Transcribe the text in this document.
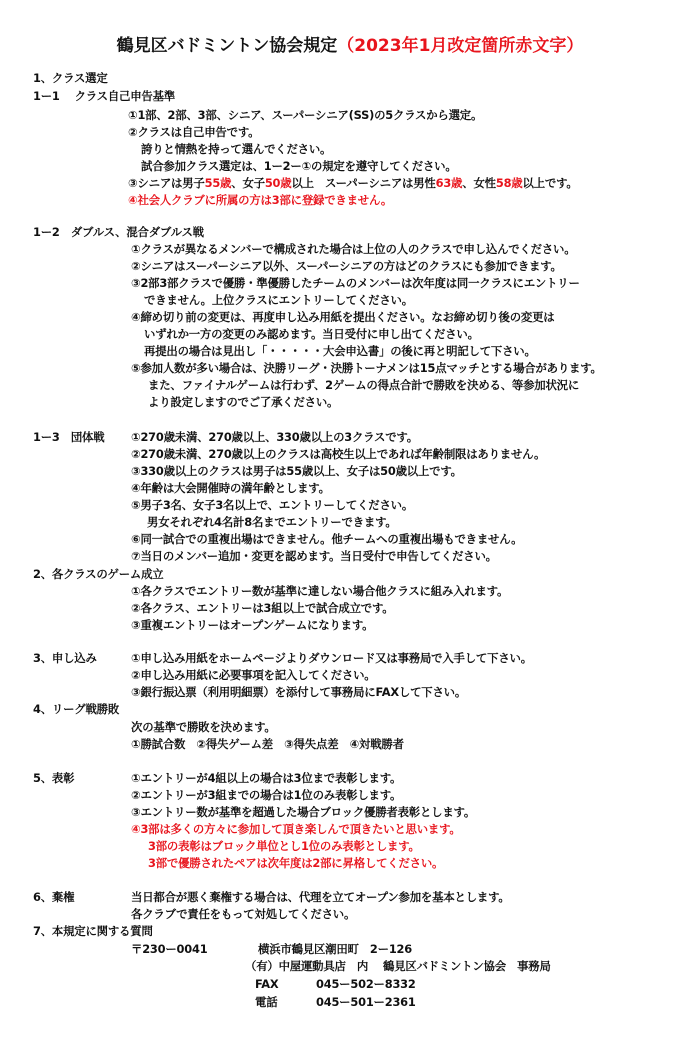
鶴見区バドミントン協会規定（2023年1月改定箇所赤文字）
1、クラス選定
1ー1　 クラス自己申告基準
①1部、2部、3部、シニア、スーパーシニア(SS)の5クラスから選定。
②クラスは自己申告です。
誇りと情熱を持って選んでください。
試合参加クラス選定は、1ー2ー①の規定を遵守してください。
③シニアは男子55歳、女子50歳以上　スーパーシニアは男性63歳、女性58歳以上です。
④社会人クラブに所属の方は3部に登録できません。
1ー2　ダブルス、混合ダブルス戦
①クラスが異なるメンバーで構成された場合は上位の人のクラスで申し込んでください。
②シニアはスーパーシニア以外、スーパーシニアの方はどのクラスにも参加できます。
③2部3部クラスで優勝・準優勝したチームのメンバーは次年度は同一クラスにエントリー
できません。上位クラスにエントリーしてください。
④締め切り前の変更は、再度申し込み用紙を提出ください。なお締め切り後の変更は
いずれか一方の変更のみ認めます。当日受付に申し出てください。
再提出の場合は見出し「・・・・・大会申込書」の後に再と明記して下さい。
⑤参加人数が多い場合は、決勝リーグ・決勝トーナメンは15点マッチとする場合があります。
また、ファイナルゲームは行わず、2ゲームの得点合計で勝敗を決める、等参加状況に
より設定しますのでご了承ください。
1ー3　団体戦 ①270歳未満、270歳以上、330歳以上の3クラスです。
②270歳未満、270歳以上のクラスは高校生以上であれば年齢制限はありません。
③330歳以上のクラスは男子は55歳以上、女子は50歳以上です。
④年齢は大会開催時の満年齢とします。
⑤男子3名、女子3名以上で、エントリーしてください。
男女それぞれ4名計8名までエントリーできます。
⑥同一試合での重複出場はできません。他チームへの重複出場もできません。
⑦当日のメンバー追加・変更を認めます。当日受付で申告してください。
2、各クラスのゲーム成立
①各クラスでエントリー数が基準に達しない場合他クラスに組み入れます。
②各クラス、エントリーは3組以上で試合成立です。
③重複エントリーはオープンゲームになります。
3、申し込み	①申し込み用紙をホームページよりダウンロード又は事務局で入手して下さい。
②申し込み用紙に必要事項を記入してください。
③銀行振込票（利用明細票）を添付して事務局にFAXして下さい。
4、リーグ戦勝敗
次の基準で勝敗を決めます。
①勝試合数　②得失ゲーム差　③得失点差　④対戦勝者
5、表彰	①エントリーが4組以上の場合は3位まで表彰します。
②エントリーが3組までの場合は1位のみ表彰します。
③エントリー数が基準を超過した場合ブロック優勝者表彰とします。
④3部は多くの方々に参加して頂き楽しんで頂きたいと思います。
3部の表彰はブロック単位とし1位のみ表彰とします。
3部で優勝されたペアは次年度は2部に昇格してください。
6、棄権	当日都合が悪く棄権する場合は、代理を立てオープン参加を基本とします。
各クラブで責任をもって対処してください。
7、本規定に関する質問
〒230ー0041	横浜市鶴見区潮田町　2ー126
（有）中屋運動具店　内　 鶴見区バドミントン協会　事務局
FAX	045ー502ー8332
電話	045ー501ー2361
